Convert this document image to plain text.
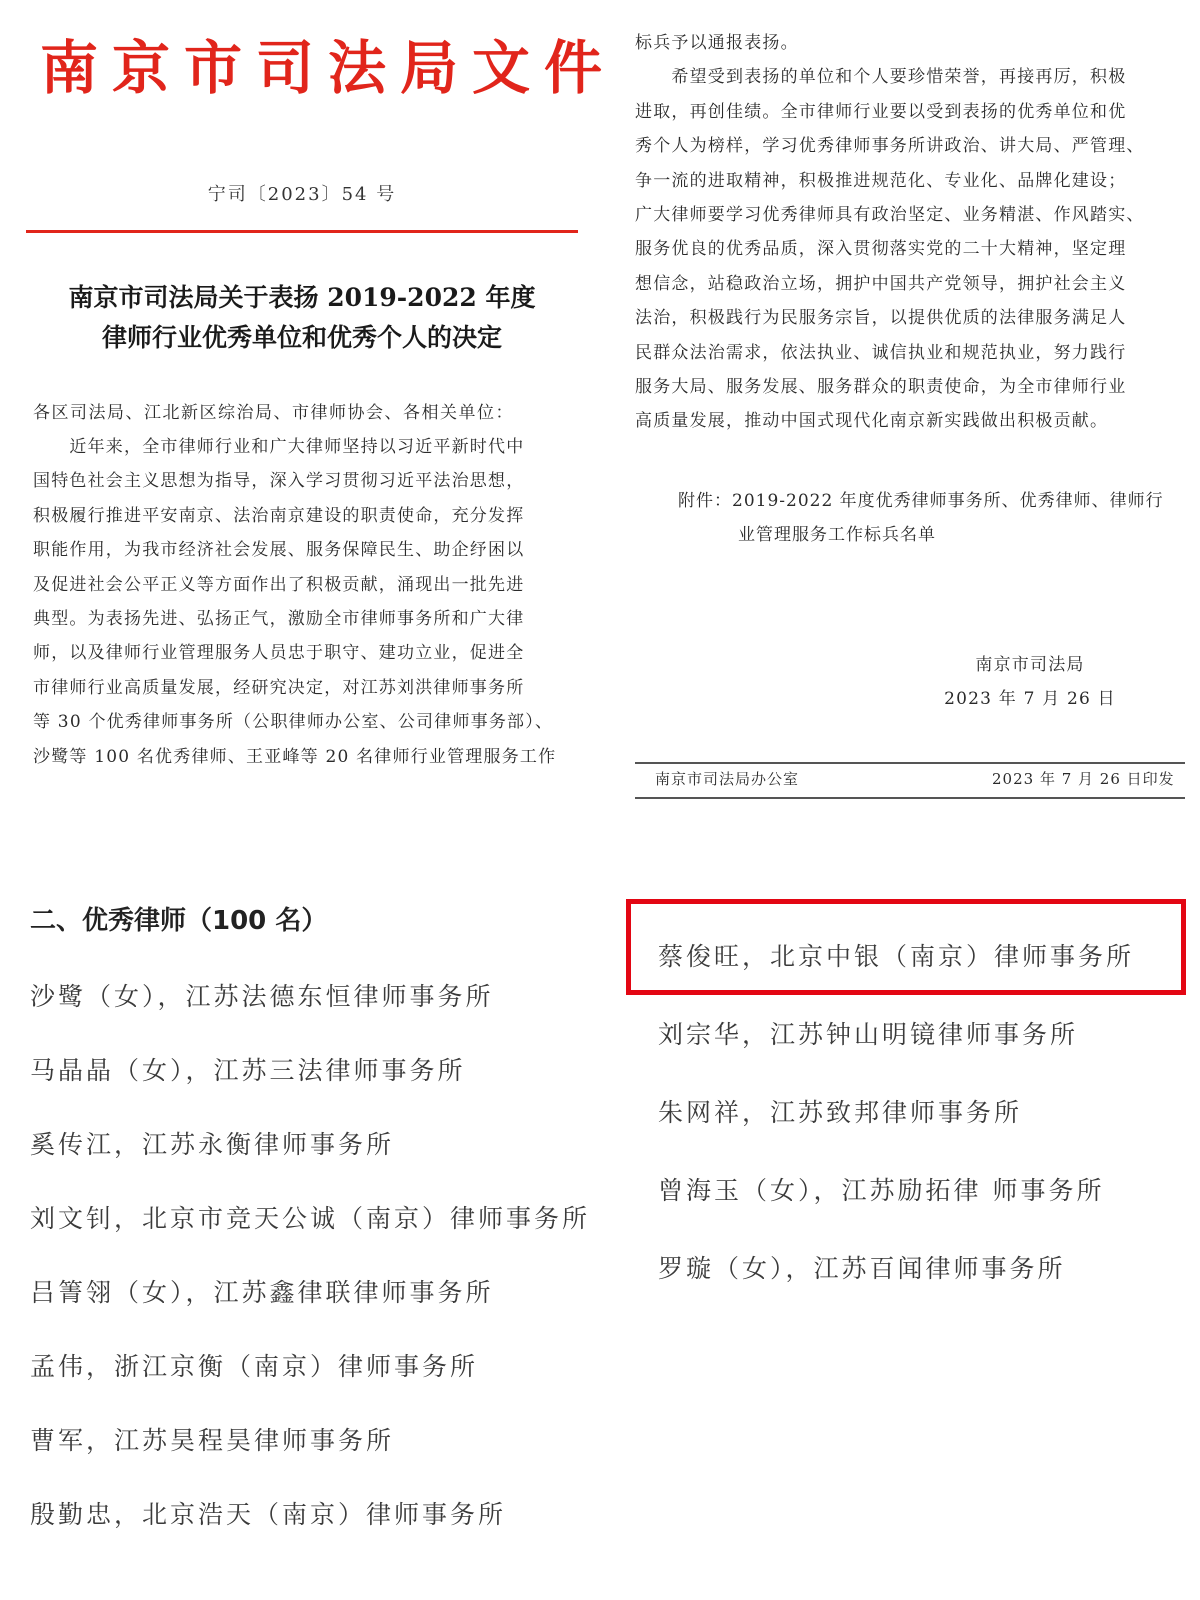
南京市司法局文件
宁司〔2023〕54 号
南京市司法局关于表扬 2019-2022 年度
律师行业优秀单位和优秀个人的决定
各区司法局、江北新区综治局、市律师协会、各相关单位：
　　近年来，全市律师行业和广大律师坚持以习近平新时代中
国特色社会主义思想为指导，深入学习贯彻习近平法治思想，
积极履行推进平安南京、法治南京建设的职责使命，充分发挥
职能作用，为我市经济社会发展、服务保障民生、助企纾困以
及促进社会公平正义等方面作出了积极贡献，涌现出一批先进
典型。为表扬先进、弘扬正气，激励全市律师事务所和广大律
师，以及律师行业管理服务人员忠于职守、建功立业，促进全
市律师行业高质量发展，经研究决定，对江苏刘洪律师事务所
等 30 个优秀律师事务所（公职律师办公室、公司律师事务部）、
沙鹭等 100 名优秀律师、王亚峰等 20 名律师行业管理服务工作
标兵予以通报表扬。
　　希望受到表扬的单位和个人要珍惜荣誉，再接再厉，积极
进取，再创佳绩。全市律师行业要以受到表扬的优秀单位和优
秀个人为榜样，学习优秀律师事务所讲政治、讲大局、严管理、
争一流的进取精神，积极推进规范化、专业化、品牌化建设；
广大律师要学习优秀律师具有政治坚定、业务精湛、作风踏实、
服务优良的优秀品质，深入贯彻落实党的二十大精神，坚定理
想信念，站稳政治立场，拥护中国共产党领导，拥护社会主义
法治，积极践行为民服务宗旨，以提供优质的法律服务满足人
民群众法治需求，依法执业、诚信执业和规范执业，努力践行
服务大局、服务发展、服务群众的职责使命，为全市律师行业
高质量发展，推动中国式现代化南京新实践做出积极贡献。
附件：2019-2022 年度优秀律师事务所、优秀律师、律师行
业管理服务工作标兵名单
南京市司法局
2023 年 7 月 26 日
南京市司法局办公室	2023 年 7 月 26 日印发
二、优秀律师（100 名）
沙鹭（女），江苏法德东恒律师事务所
马晶晶（女），江苏三法律师事务所
奚传江，江苏永衡律师事务所
刘文钊，北京市竞天公诚（南京）律师事务所
吕箐翎（女），江苏鑫律联律师事务所
孟伟，浙江京衡（南京）律师事务所
曹军，江苏昊程昊律师事务所
殷勤忠，北京浩天（南京）律师事务所
蔡俊旺，北京中银（南京）律师事务所
刘宗华，江苏钟山明镜律师事务所
朱网祥，江苏致邦律师事务所
曾海玉（女），江苏励拓律 师事务所
罗璇（女），江苏百闻律师事务所
